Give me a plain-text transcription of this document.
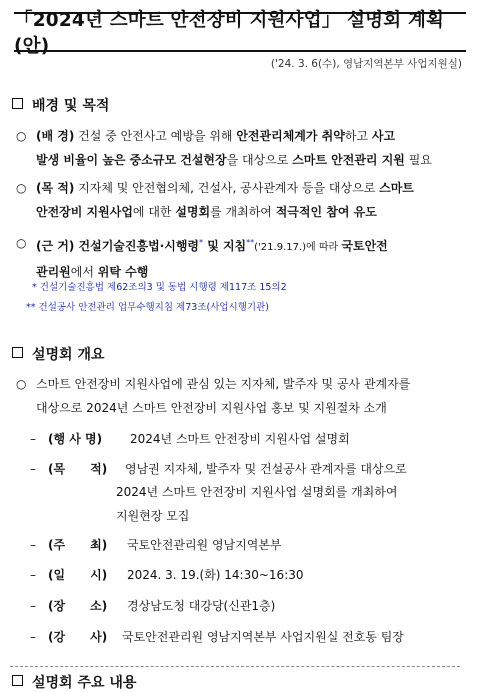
「2024년 스마트 안전장비 지원사업」 설명회 계획(안)
('24. 3. 6(수), 영남지역본부 사업지원실)
배경 및 목적
○ (배 경) 건설 중 안전사고 예방을 위해 안전관리체계가 취약하고 사고
발생 비율이 높은 중소규모 건설현장을 대상으로 스마트 안전관리 지원 필요
○ (목 적) 지자체 및 안전협의체, 건설사, 공사관계자 등을 대상으로 스마트
안전장비 지원사업에 대한 설명회를 개최하여 적극적인 참여 유도
○ (근 거) 건설기술진흥법·시행령* 및 지침**('21.9.17.)에 따라 국토안전
관리원에서 위탁 수행
* 건설기술진흥법 제62조의3 및 동법 시행령 제117조 15의2
** 건설공사 안전관리 업무수행지침 제73조(사업시행기관)
설명회 개요
○ 스마트 안전장비 지원사업에 관심 있는 지자체, 발주자 및 공사 관계자를
대상으로 2024년 스마트 안전장비 지원사업 홍보 및 지원절차 소개
– (행 사 명) 2024년 스마트 안전장비 지원사업 설명회
– (목      적) 영남권 지자체, 발주자 및 건설공사 관계자를 대상으로
2024년 스마트 안전장비 지원사업 설명회를 개최하여
지원현장 모집
– (주      최) 국토안전관리원 영남지역본부
– (일      시) 2024. 3. 19.(화) 14:30~16:30
– (장      소) 경상남도청 대강당(신관1층)
– (강      사) 국토안전관리원 영남지역본부 사업지원실 전호동 팀장
설명회 주요 내용
